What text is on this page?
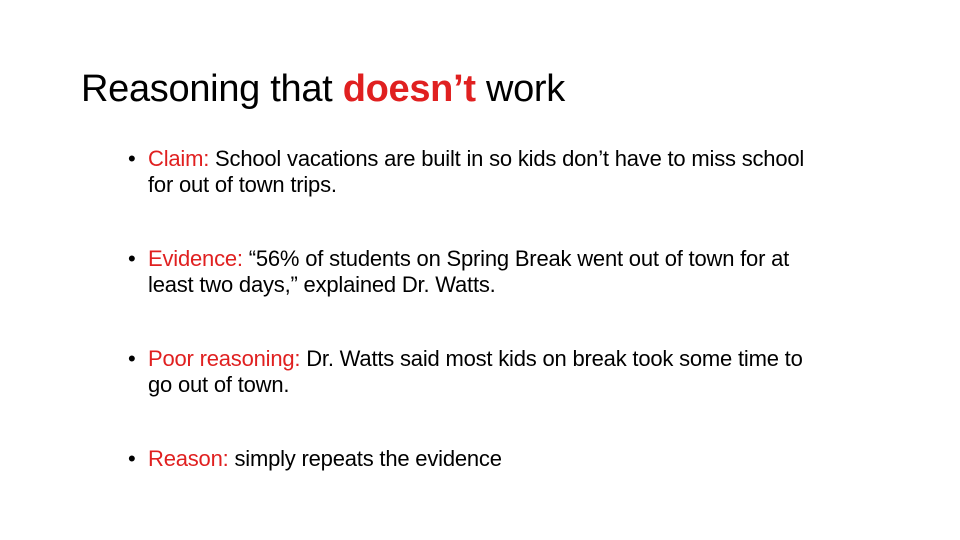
Reasoning that doesn’t work
• Claim: School vacations are built in so kids don’t have to miss school for out of town trips.
• Evidence: “56% of students on Spring Break went out of town for at least two days,” explained Dr. Watts.
• Poor reasoning: Dr. Watts said most kids on break took some time to go out of town.
• Reason: simply repeats the evidence
